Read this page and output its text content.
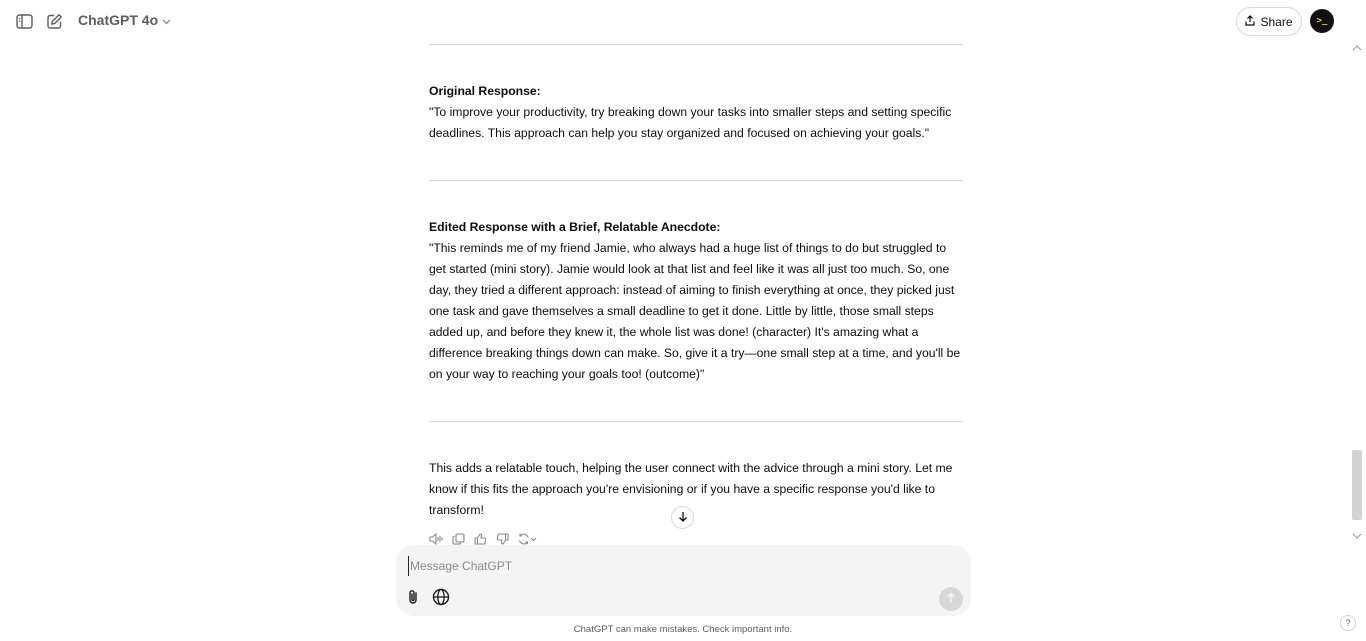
ChatGPT 4o	Share	>_
Original Response:

"To improve your productivity, try breaking down your tasks into smaller steps and setting specific deadlines. This approach can help you stay organized and focused on achieving your goals."

Edited Response with a Brief, Relatable Anecdote:

"This reminds me of my friend Jamie, who always had a huge list of things to do but struggled to get started (mini story). Jamie would look at that list and feel like it was all just too much. So, one day, they tried a different approach: instead of aiming to finish everything at once, they picked just one task and gave themselves a small deadline to get it done. Little by little, those small steps added up, and before they knew it, the whole list was done! (character) It's amazing what a difference breaking things down can make. So, give it a try—one small step at a time, and you'll be on your way to reaching your goals too! (outcome)"

This adds a relatable touch, helping the user connect with the advice through a mini story. Let me know if this fits the approach you're envisioning or if you have a specific response you'd like to transform!

Message ChatGPT
ChatGPT can make mistakes. Check important info.
?
